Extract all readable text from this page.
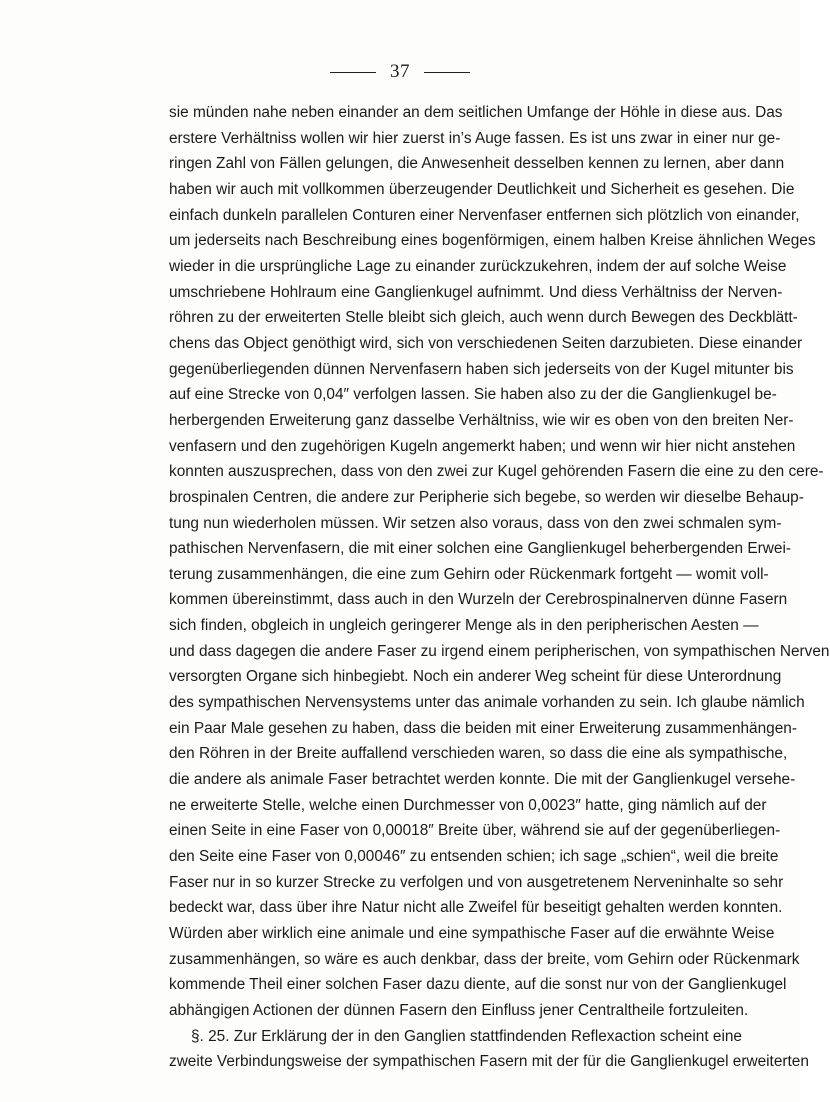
37
sie münden nahe neben einander an dem seitlichen Umfange der Höhle in diese aus. Das
erstere Verhältniss wollen wir hier zuerst in’s Auge fassen. Es ist uns zwar in einer nur ge-
ringen Zahl von Fällen gelungen, die Anwesenheit desselben kennen zu lernen, aber dann
haben wir auch mit vollkommen überzeugender Deutlichkeit und Sicherheit es gesehen. Die
einfach dunkeln parallelen Conturen einer Nervenfaser entfernen sich plötzlich von einander,
um jederseits nach Beschreibung eines bogenförmigen, einem halben Kreise ähnlichen Weges
wieder in die ursprüngliche Lage zu einander zurückzukehren, indem der auf solche Weise
umschriebene Hohlraum eine Ganglienkugel aufnimmt. Und diess Verhältniss der Nerven-
röhren zu der erweiterten Stelle bleibt sich gleich, auch wenn durch Bewegen des Deckblätt-
chens das Object genöthigt wird, sich von verschiedenen Seiten darzubieten. Diese einander
gegenüberliegenden dünnen Nervenfasern haben sich jederseits von der Kugel mitunter bis
auf eine Strecke von 0,04″ verfolgen lassen. Sie haben also zu der die Ganglienkugel be-
herbergenden Erweiterung ganz dasselbe Verhältniss, wie wir es oben von den breiten Ner-
venfasern und den zugehörigen Kugeln angemerkt haben; und wenn wir hier nicht anstehen
konnten auszusprechen, dass von den zwei zur Kugel gehörenden Fasern die eine zu den cere-
brospinalen Centren, die andere zur Peripherie sich begebe, so werden wir dieselbe Behaup-
tung nun wiederholen müssen. Wir setzen also voraus, dass von den zwei schmalen sym-
pathischen Nervenfasern, die mit einer solchen eine Ganglienkugel beherbergenden Erwei-
terung zusammenhängen, die eine zum Gehirn oder Rückenmark fortgeht — womit voll-
kommen übereinstimmt, dass auch in den Wurzeln der Cerebrospinalnerven dünne Fasern
sich finden, obgleich in ungleich geringerer Menge als in den peripherischen Aesten —
und dass dagegen die andere Faser zu irgend einem peripherischen, von sympathischen Nerven
versorgten Organe sich hinbegiebt. Noch ein anderer Weg scheint für diese Unterordnung
des sympathischen Nervensystems unter das animale vorhanden zu sein. Ich glaube nämlich
ein Paar Male gesehen zu haben, dass die beiden mit einer Erweiterung zusammenhängen-
den Röhren in der Breite auffallend verschieden waren, so dass die eine als sympathische,
die andere als animale Faser betrachtet werden konnte. Die mit der Ganglienkugel versehe-
ne erweiterte Stelle, welche einen Durchmesser von 0,0023″ hatte, ging nämlich auf der
einen Seite in eine Faser von 0,00018″ Breite über, während sie auf der gegenüberliegen-
den Seite eine Faser von 0,00046″ zu entsenden schien; ich sage „schien“, weil die breite
Faser nur in so kurzer Strecke zu verfolgen und von ausgetretenem Nerveninhalte so sehr
bedeckt war, dass über ihre Natur nicht alle Zweifel für beseitigt gehalten werden konnten.
Würden aber wirklich eine animale und eine sympathische Faser auf die erwähnte Weise
zusammenhängen, so wäre es auch denkbar, dass der breite, vom Gehirn oder Rückenmark
kommende Theil einer solchen Faser dazu diente, auf die sonst nur von der Ganglienkugel
abhängigen Actionen der dünnen Fasern den Einfluss jener Centraltheile fortzuleiten.
§. 25. Zur Erklärung der in den Ganglien stattfindenden Reflexaction scheint eine
zweite Verbindungsweise der sympathischen Fasern mit der für die Ganglienkugel erweiterten
